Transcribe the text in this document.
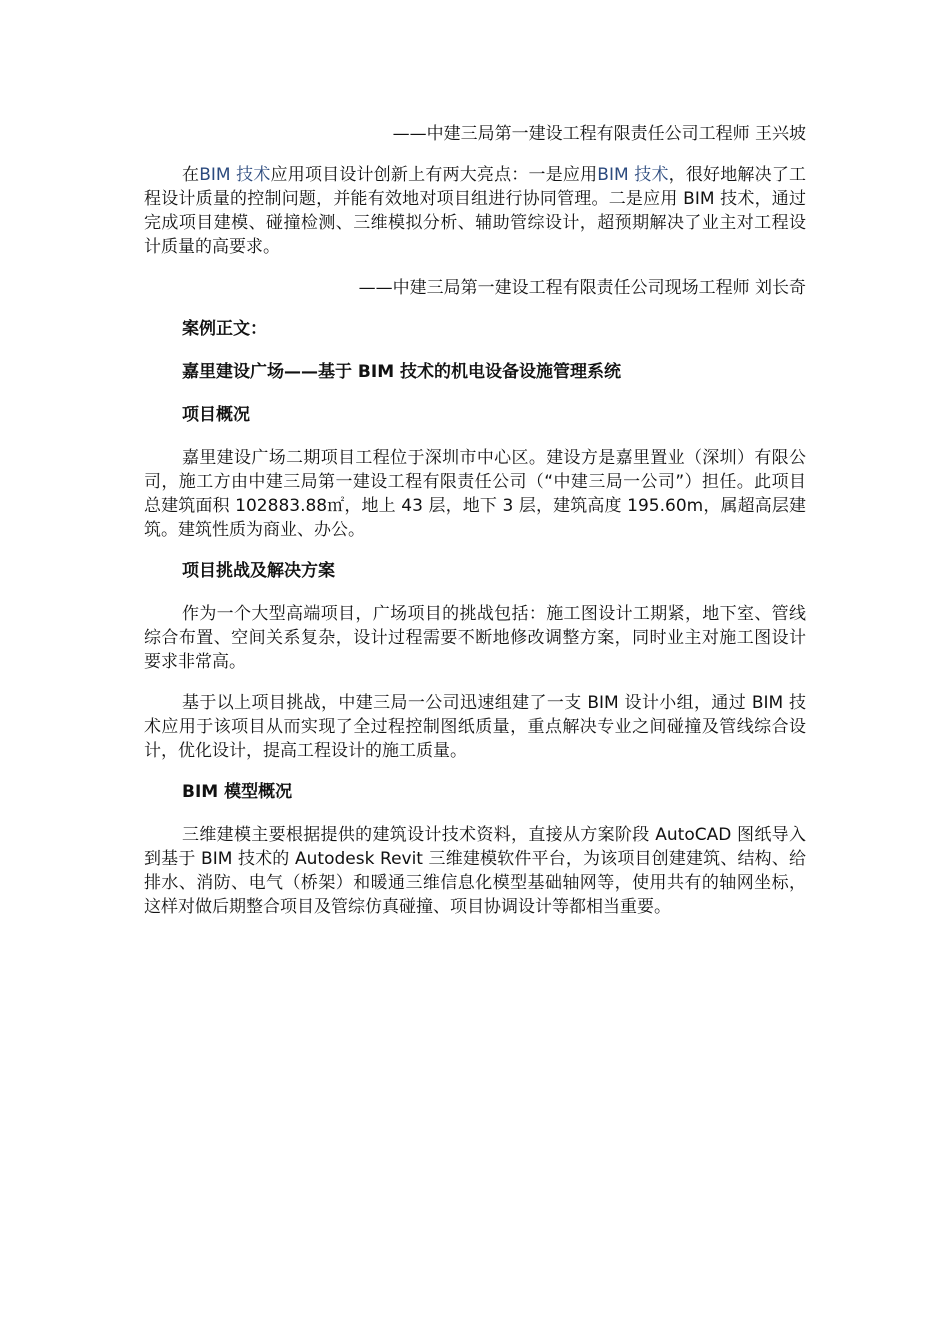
——中建三局第一建设工程有限责任公司工程师 王兴坡

在BIM 技术应用项目设计创新上有两大亮点：一是应用BIM 技术，很好地解决了工程设计质量的控制问题，并能有效地对项目组进行协同管理。二是应用 BIM 技术，通过完成项目建模、碰撞检测、三维模拟分析、辅助管综设计，超预期解决了业主对工程设计质量的高要求。

——中建三局第一建设工程有限责任公司现场工程师 刘长奇

案例正文：

嘉里建设广场——基于 BIM 技术的机电设备设施管理系统

项目概况

嘉里建设广场二期项目工程位于深圳市中心区。建设方是嘉里置业（深圳）有限公司，施工方由中建三局第一建设工程有限责任公司（“中建三局一公司”）担任。此项目总建筑面积 102883.88㎡，地上 43 层，地下 3 层，建筑高度 195.60m，属超高层建筑。建筑性质为商业、办公。

项目挑战及解决方案

作为一个大型高端项目，广场项目的挑战包括：施工图设计工期紧，地下室、管线综合布置、空间关系复杂，设计过程需要不断地修改调整方案，同时业主对施工图设计要求非常高。

基于以上项目挑战，中建三局一公司迅速组建了一支 BIM 设计小组，通过 BIM 技术应用于该项目从而实现了全过程控制图纸质量，重点解决专业之间碰撞及管线综合设计，优化设计，提高工程设计的施工质量。

BIM 模型概况

三维建模主要根据提供的建筑设计技术资料，直接从方案阶段 AutoCAD 图纸导入到基于 BIM 技术的 Autodesk Revit 三维建模软件平台，为该项目创建建筑、结构、给排水、消防、电气（桥架）和暖通三维信息化模型基础轴网等，使用共有的轴网坐标，这样对做后期整合项目及管综仿真碰撞、项目协调设计等都相当重要。
